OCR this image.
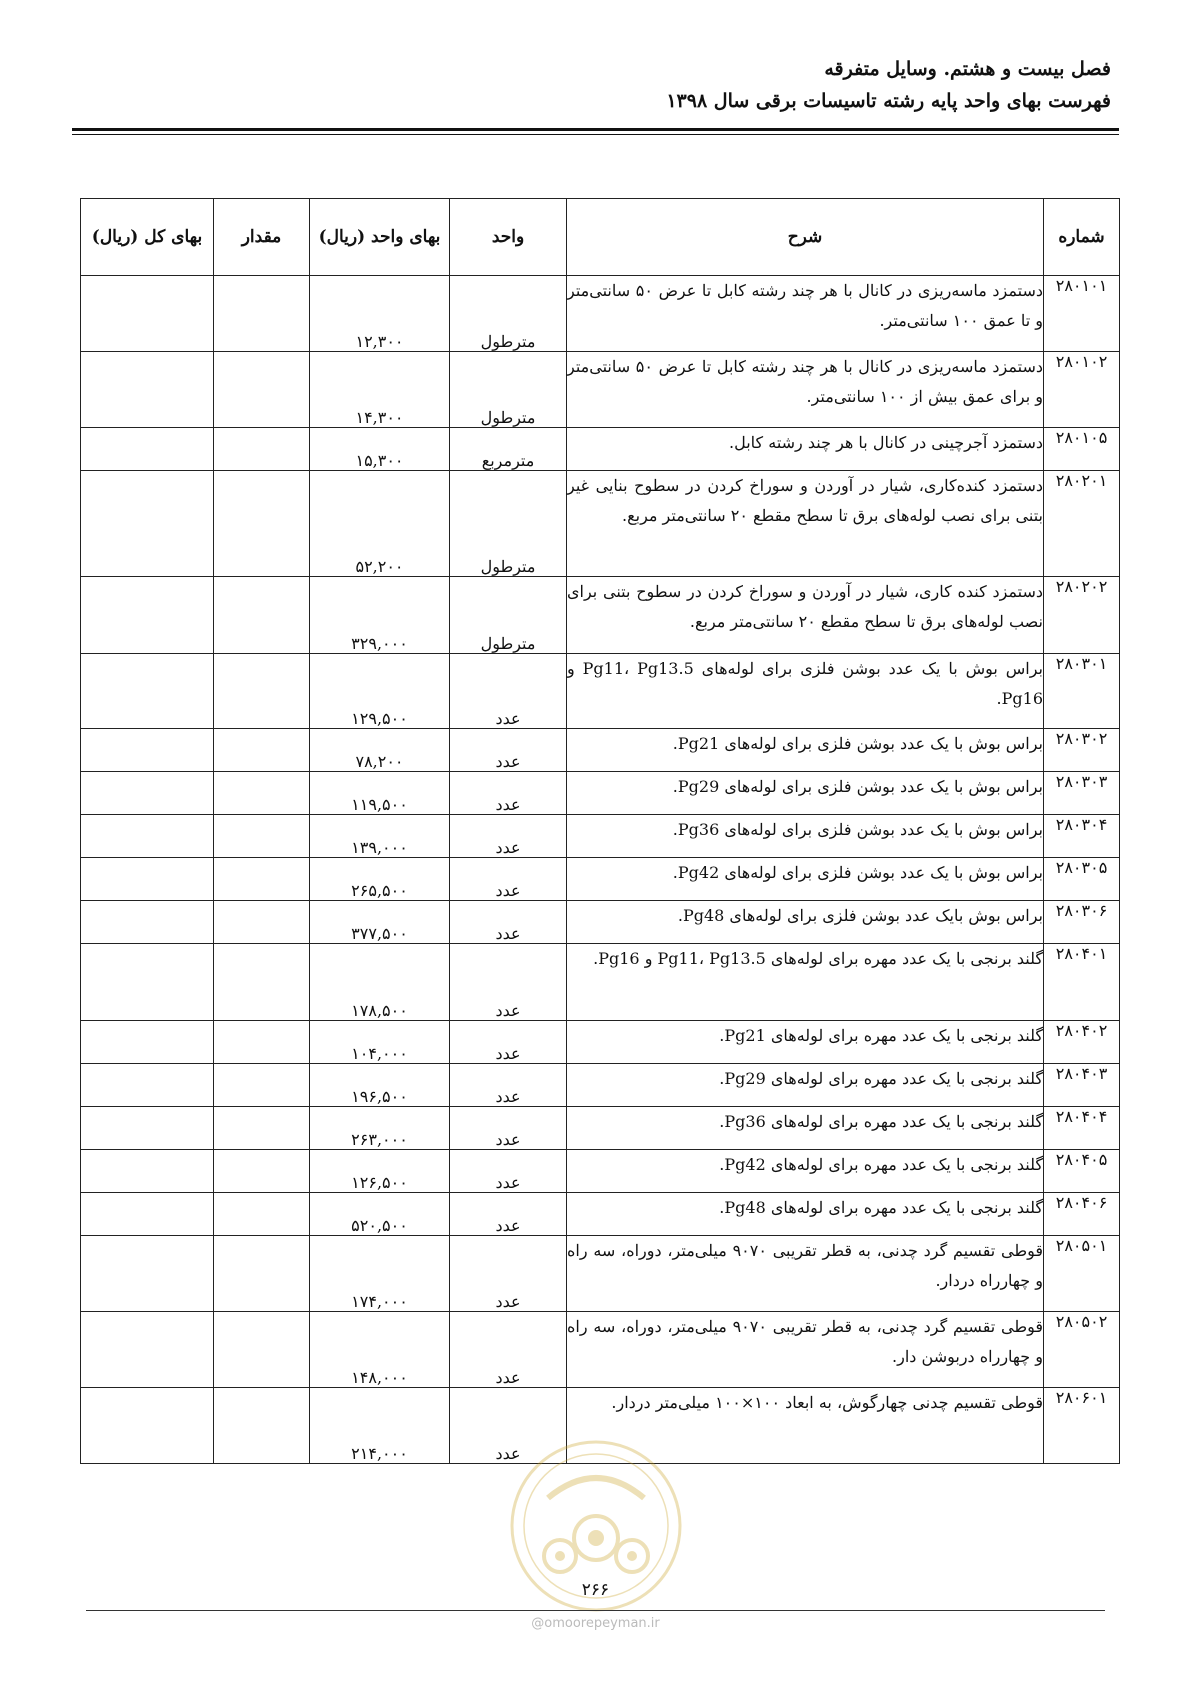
فصل بیست و هشتم. وسایل متفرقه
فهرست بهای واحد پایه رشته تاسیسات برقی سال ۱۳۹۸
شماره	شرح	واحد	بهای واحد (ریال)	مقدار	بهای کل (ریال)
۲۸۰۱۰۱	دستمزد ماسه‌ریزی در کانال با هر چند رشته کابل تا عرض ۵۰ سانتی‌متر و تا عمق ۱۰۰ سانتی‌متر.	مترطول	۱۲,۳۰۰		
۲۸۰۱۰۲	دستمزد ماسه‌ریزی در کانال با هر چند رشته کابل تا عرض ۵۰ سانتی‌متر و برای عمق بیش از ۱۰۰ سانتی‌متر.	مترطول	۱۴,۳۰۰		
۲۸۰۱۰۵	دستمزد آجرچینی در کانال با هر چند رشته کابل.	مترمربع	۱۵,۳۰۰		
۲۸۰۲۰۱	دستمزد کنده‌کاری، شیار در آوردن و سوراخ کردن در سطوح بنایی غیر بتنی برای نصب لوله‌های برق تا سطح مقطع ۲۰ سانتی‌متر مربع.	مترطول	۵۲,۲۰۰		
۲۸۰۲۰۲	دستمزد کنده کاری، شیار در آوردن و سوراخ کردن در سطوح بتنی برای نصب لوله‌های برق تا سطح مقطع ۲۰ سانتی‌متر مربع.	مترطول	۳۲۹,۰۰۰		
۲۸۰۳۰۱	براس بوش با یک عدد بوشن فلزی برای لوله‌های Pg11، Pg13.5 و Pg16.	عدد	۱۲۹,۵۰۰		
۲۸۰۳۰۲	براس بوش با یک عدد بوشن فلزی برای لوله‌های Pg21.	عدد	۷۸,۲۰۰		
۲۸۰۳۰۳	براس بوش با یک عدد بوشن فلزی برای لوله‌های Pg29.	عدد	۱۱۹,۵۰۰		
۲۸۰۳۰۴	براس بوش با یک عدد بوشن فلزی برای لوله‌های Pg36.	عدد	۱۳۹,۰۰۰		
۲۸۰۳۰۵	براس بوش با یک عدد بوشن فلزی برای لوله‌های Pg42.	عدد	۲۶۵,۵۰۰		
۲۸۰۳۰۶	براس بوش بایک عدد بوشن فلزی برای لوله‌های Pg48.	عدد	۳۷۷,۵۰۰		
۲۸۰۴۰۱	گلند برنجی با یک عدد مهره برای لوله‌های Pg11، Pg13.5 و Pg16.	عدد	۱۷۸,۵۰۰		
۲۸۰۴۰۲	گلند برنجی با یک عدد مهره برای لوله‌های Pg21.	عدد	۱۰۴,۰۰۰		
۲۸۰۴۰۳	گلند برنجی با یک عدد مهره برای لوله‌های Pg29.	عدد	۱۹۶,۵۰۰		
۲۸۰۴۰۴	گلند برنجی با یک عدد مهره برای لوله‌های Pg36.	عدد	۲۶۳,۰۰۰		
۲۸۰۴۰۵	گلند برنجی با یک عدد مهره برای لوله‌های Pg42.	عدد	۱۲۶,۵۰۰		
۲۸۰۴۰۶	گلند برنجی با یک عدد مهره برای لوله‌های Pg48.	عدد	۵۲۰,۵۰۰		
۲۸۰۵۰۱	قوطی تقسیم گرد چدنی، به قطر تقریبی ۹۰۷۰ میلی‌متر، دوراه، سه راه و چهارراه دردار.	عدد	۱۷۴,۰۰۰		
۲۸۰۵۰۲	قوطی تقسیم گرد چدنی، به قطر تقریبی ۹۰۷۰ میلی‌متر، دوراه، سه راه و چهارراه دربوشن دار.	عدد	۱۴۸,۰۰۰		
۲۸۰۶۰۱	قوطی تقسیم چدنی چهارگوش، به ابعاد ۱۰۰×۱۰۰ میلی‌متر دردار.	عدد	۲۱۴,۰۰۰		
۲۶۶
@omoorepeyman.ir
